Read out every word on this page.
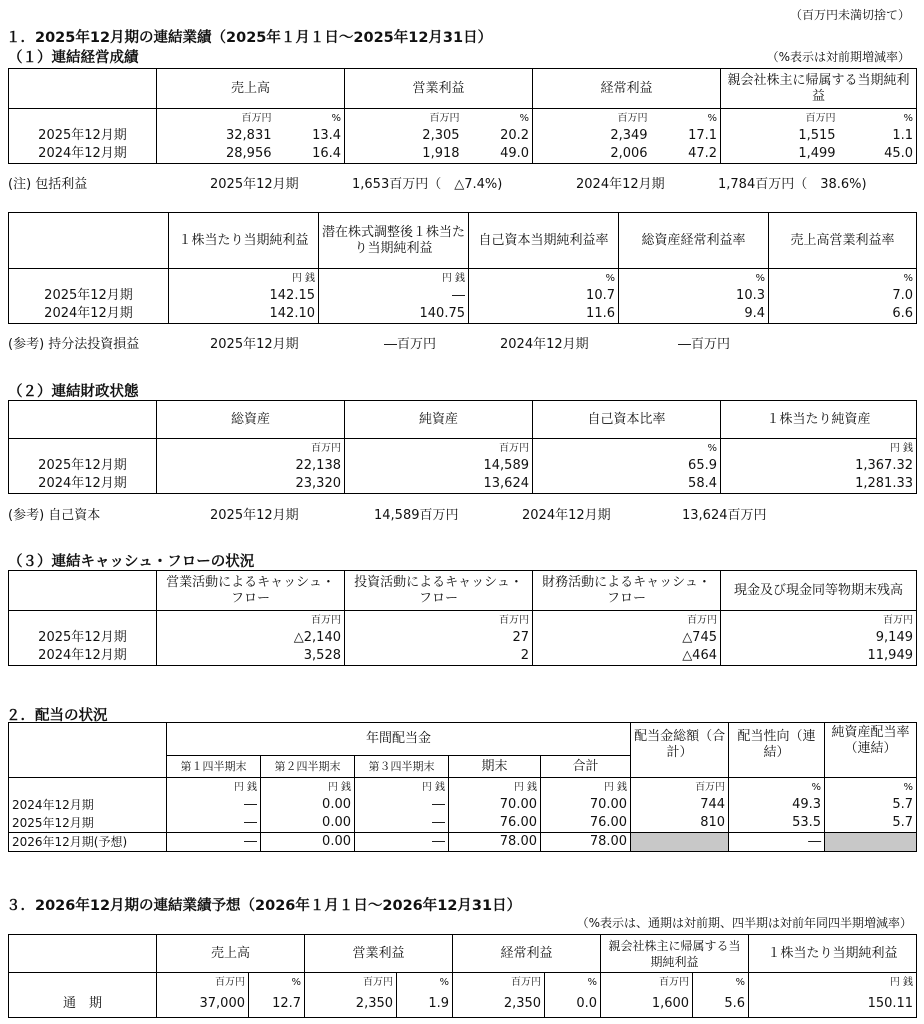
（百万円未満切捨て）
１．2025年12月期の連結業績（2025年１月１日～2025年12月31日）
（１）連結経営成績	（%表示は対前期増減率）
	売上高		営業利益		経常利益		親会社株主に帰属する当期純利益	
	百万円	%	百万円	%	百万円	%	百万円	%
2025年12月期	32,831	13.4	2,305	20.2	2,349	17.1	1,515	1.1
2024年12月期	28,956	16.4	1,918	49.0	2,006	47.2	1,499	45.0
(注) 包括利益	2025年12月期	1,653百万円（　△7.4%)	2024年12月期	1,784百万円（　38.6%)
	１株当たり当期純利益	潜在株式調整後１株当たり当期純利益	自己資本当期純利益率	総資産経常利益率	売上高営業利益率
	円 銭	円 銭	%	%	%
2025年12月期	142.15	―	10.7	10.3	7.0
2024年12月期	142.10	140.75	11.6	9.4	6.6
(参考) 持分法投資損益	2025年12月期	―百万円	2024年12月期	―百万円
（２）連結財政状態
	総資産	純資産	自己資本比率	１株当たり純資産
	百万円	百万円	%	円 銭
2025年12月期	22,138	14,589	65.9	1,367.32
2024年12月期	23,320	13,624	58.4	1,281.33
(参考) 自己資本	2025年12月期	14,589百万円	2024年12月期	13,624百万円
（３）連結キャッシュ・フローの状況
	営業活動によるキャッシュ・フロー	投資活動によるキャッシュ・フロー	財務活動によるキャッシュ・フロー	現金及び現金同等物期末残高
	百万円	百万円	百万円	百万円
2025年12月期	△2,140	27	△745	9,149
2024年12月期	3,528	2	△464	11,949
２．配当の状況
	年間配当金					配当金総額（合計）	配当性向（連結）	純資産配当率（連結）
	第１四半期末	第２四半期末	第３四半期末	期末	合計			
	円 銭	円 銭	円 銭	円 銭	円 銭	百万円	%	%
2024年12月期	―	0.00	―	70.00	70.00	744	49.3	5.7
2025年12月期	―	0.00	―	76.00	76.00	810	53.5	5.7
2026年12月期(予想)	―	0.00	―	78.00	78.00		―	
３．2026年12月期の連結業績予想（2026年１月１日～2026年12月31日）
（%表示は、通期は対前期、四半期は対前年同四半期増減率）
	売上高		営業利益		経常利益		親会社株主に帰属する当期純利益		１株当たり当期純利益
	百万円	%	百万円	%	百万円	%	百万円	%	円 銭
通　期	37,000	12.7	2,350	1.9	2,350	0.0	1,600	5.6	150.11
